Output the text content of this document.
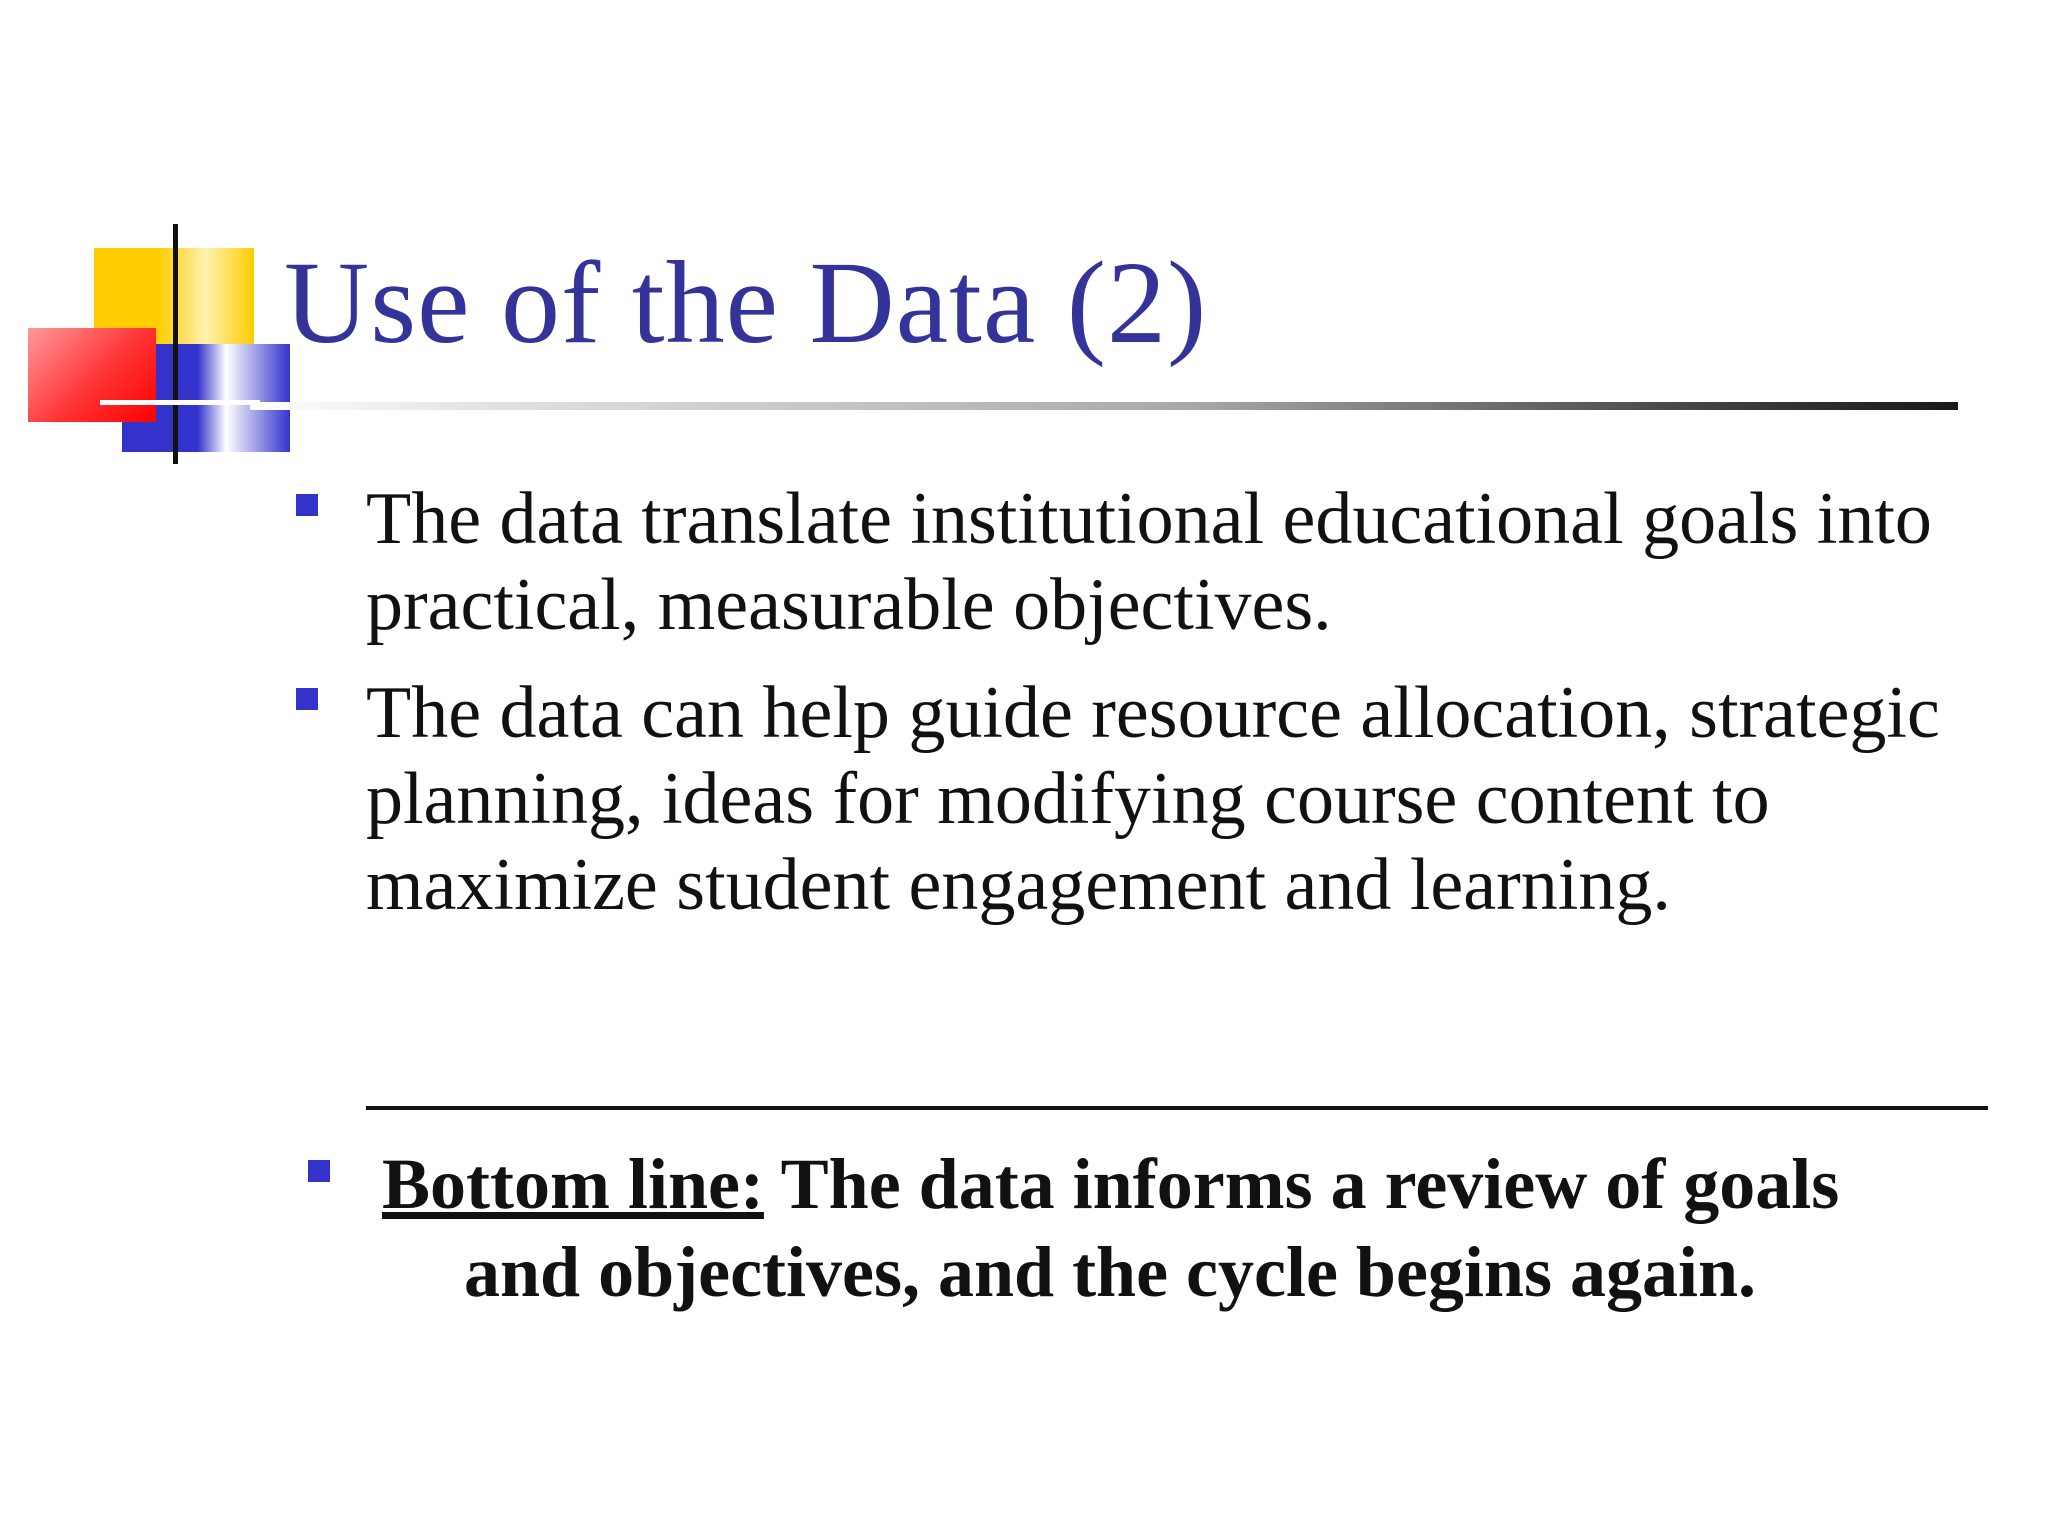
Use of the Data (2)

The data translate institutional educational goals into practical, measurable objectives.

The data can help guide resource allocation, strategic planning, ideas for modifying course content to maximize student engagement and learning.

Bottom line: The data informs a review of goals
and objectives, and the cycle begins again.
